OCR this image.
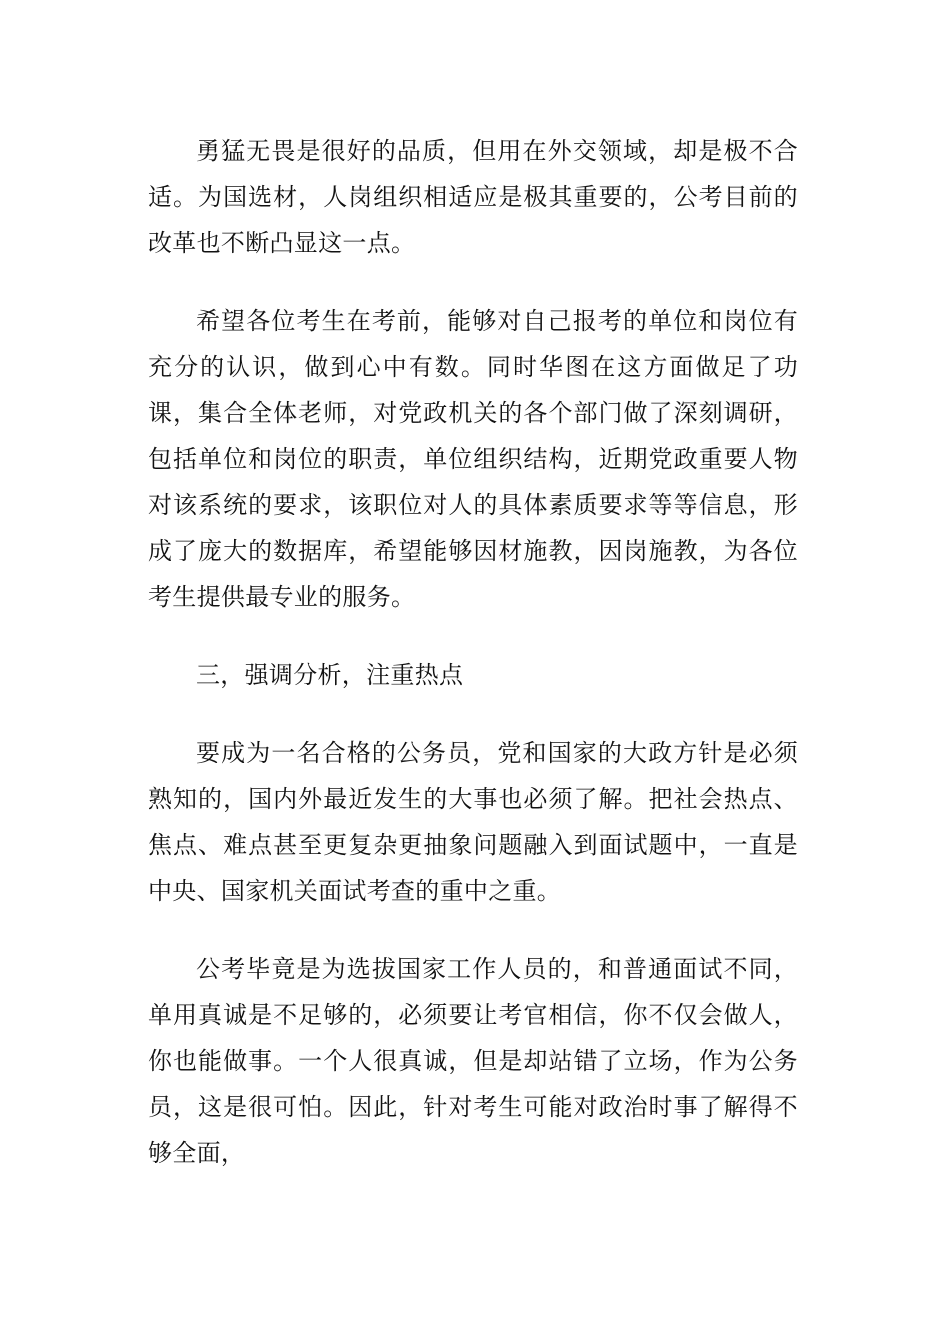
勇猛无畏是很好的品质，但用在外交领域，却是极不合适。为国选材，人岗组织相适应是极其重要的，公考目前的改革也不断凸显这一点。

希望各位考生在考前，能够对自己报考的单位和岗位有充分的认识，做到心中有数。同时华图在这方面做足了功课，集合全体老师，对党政机关的各个部门做了深刻调研，包括单位和岗位的职责，单位组织结构，近期党政重要人物对该系统的要求，该职位对人的具体素质要求等等信息，形成了庞大的数据库，希望能够因材施教，因岗施教，为各位考生提供最专业的服务。

三，强调分析，注重热点

要成为一名合格的公务员，党和国家的大政方针是必须熟知的，国内外最近发生的大事也必须了解。把社会热点、焦点、难点甚至更复杂更抽象问题融入到面试题中，一直是中央、国家机关面试考查的重中之重。

公考毕竟是为选拔国家工作人员的，和普通面试不同，单用真诚是不足够的，必须要让考官相信，你不仅会做人，你也能做事。一个人很真诚，但是却站错了立场，作为公务员，这是很可怕。因此，针对考生可能对政治时事了解得不够全面，
